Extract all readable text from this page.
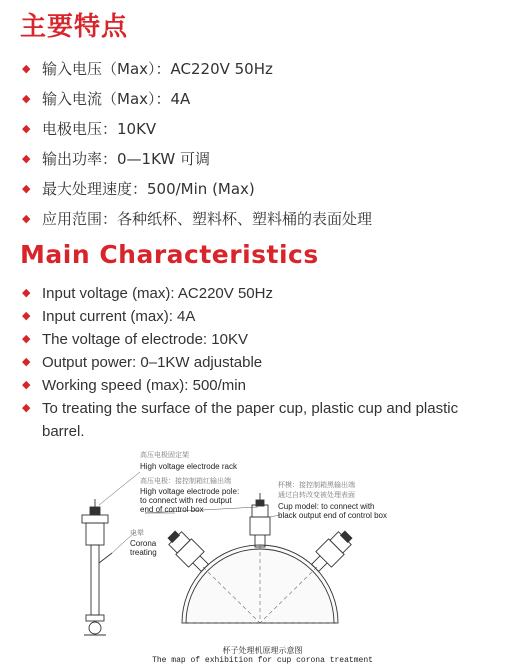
主要特点
◆ 输入电压（Max）：AC220V 50Hz
◆ 输入电流（Max）：4A
◆ 电极电压：10KV
◆ 输出功率：0—1KW 可调
◆ 最大处理速度：500/Min (Max)
◆ 应用范围：各种纸杯、塑料杯、塑料桶的表面处理
Main Characteristics
◆ Input voltage (max): AC220V 50Hz
◆ Input current (max): 4A
◆ The voltage of electrode: 10KV
◆ Output power: 0–1KW adjustable
◆ Working speed (max): 500/min
◆ To treating the surface of the paper cup, plastic cup and plastic barrel.
高压电极固定架
High voltage electrode rack
高压电极：接控制箱红输出端
High voltage electrode pole:
to connect with red output
end of control box
杯模：接控制箱黑输出端
通过自转改变被处理表面
Cup model: to connect with
black output end of control box
电晕
Corona
treating
杯子处理机原理示意图
The map of exhibition for cup corona treatment
